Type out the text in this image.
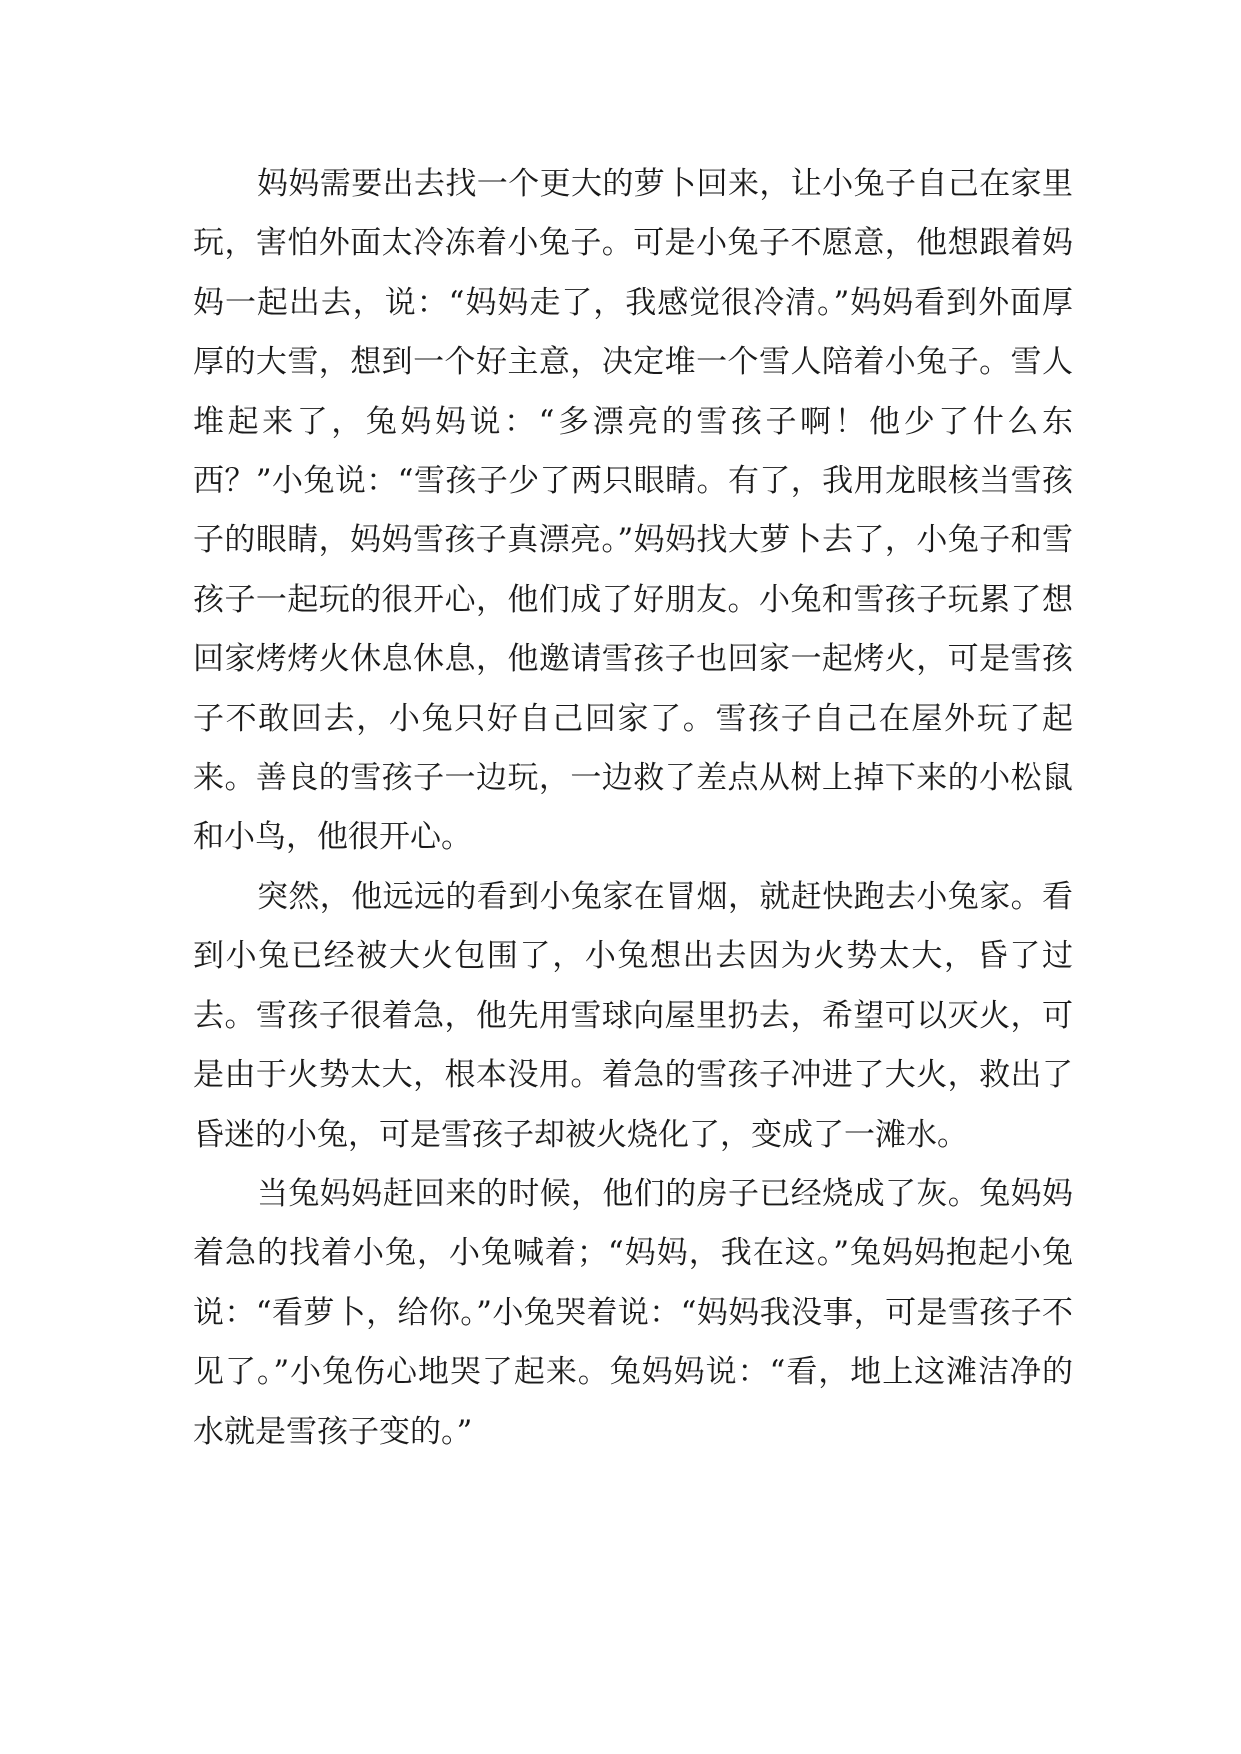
妈妈需要出去找一个更大的萝卜回来，让小兔子自己在家里玩，害怕外面太冷冻着小兔子。可是小兔子不愿意，他想跟着妈妈一起出去，说：“妈妈走了，我感觉很冷清。”妈妈看到外面厚厚的大雪，想到一个好主意，决定堆一个雪人陪着小兔子。雪人堆起来了，兔妈妈说：“多漂亮的雪孩子啊！他少了什么东西？”小兔说：“雪孩子少了两只眼睛。有了，我用龙眼核当雪孩子的眼睛，妈妈雪孩子真漂亮。”妈妈找大萝卜去了，小兔子和雪孩子一起玩的很开心，他们成了好朋友。小兔和雪孩子玩累了想回家烤烤火休息休息，他邀请雪孩子也回家一起烤火，可是雪孩子不敢回去，小兔只好自己回家了。雪孩子自己在屋外玩了起来。善良的雪孩子一边玩，一边救了差点从树上掉下来的小松鼠和小鸟，他很开心。

突然，他远远的看到小兔家在冒烟，就赶快跑去小兔家。看到小兔已经被大火包围了，小兔想出去因为火势太大，昏了过去。雪孩子很着急，他先用雪球向屋里扔去，希望可以灭火，可是由于火势太大，根本没用。着急的雪孩子冲进了大火，救出了昏迷的小兔，可是雪孩子却被火烧化了，变成了一滩水。

当兔妈妈赶回来的时候，他们的房子已经烧成了灰。兔妈妈着急的找着小兔，小兔喊着；“妈妈，我在这。”兔妈妈抱起小兔说：“看萝卜，给你。”小兔哭着说：“妈妈我没事，可是雪孩子不见了。”小兔伤心地哭了起来。兔妈妈说：“看，地上这滩洁净的水就是雪孩子变的。”
